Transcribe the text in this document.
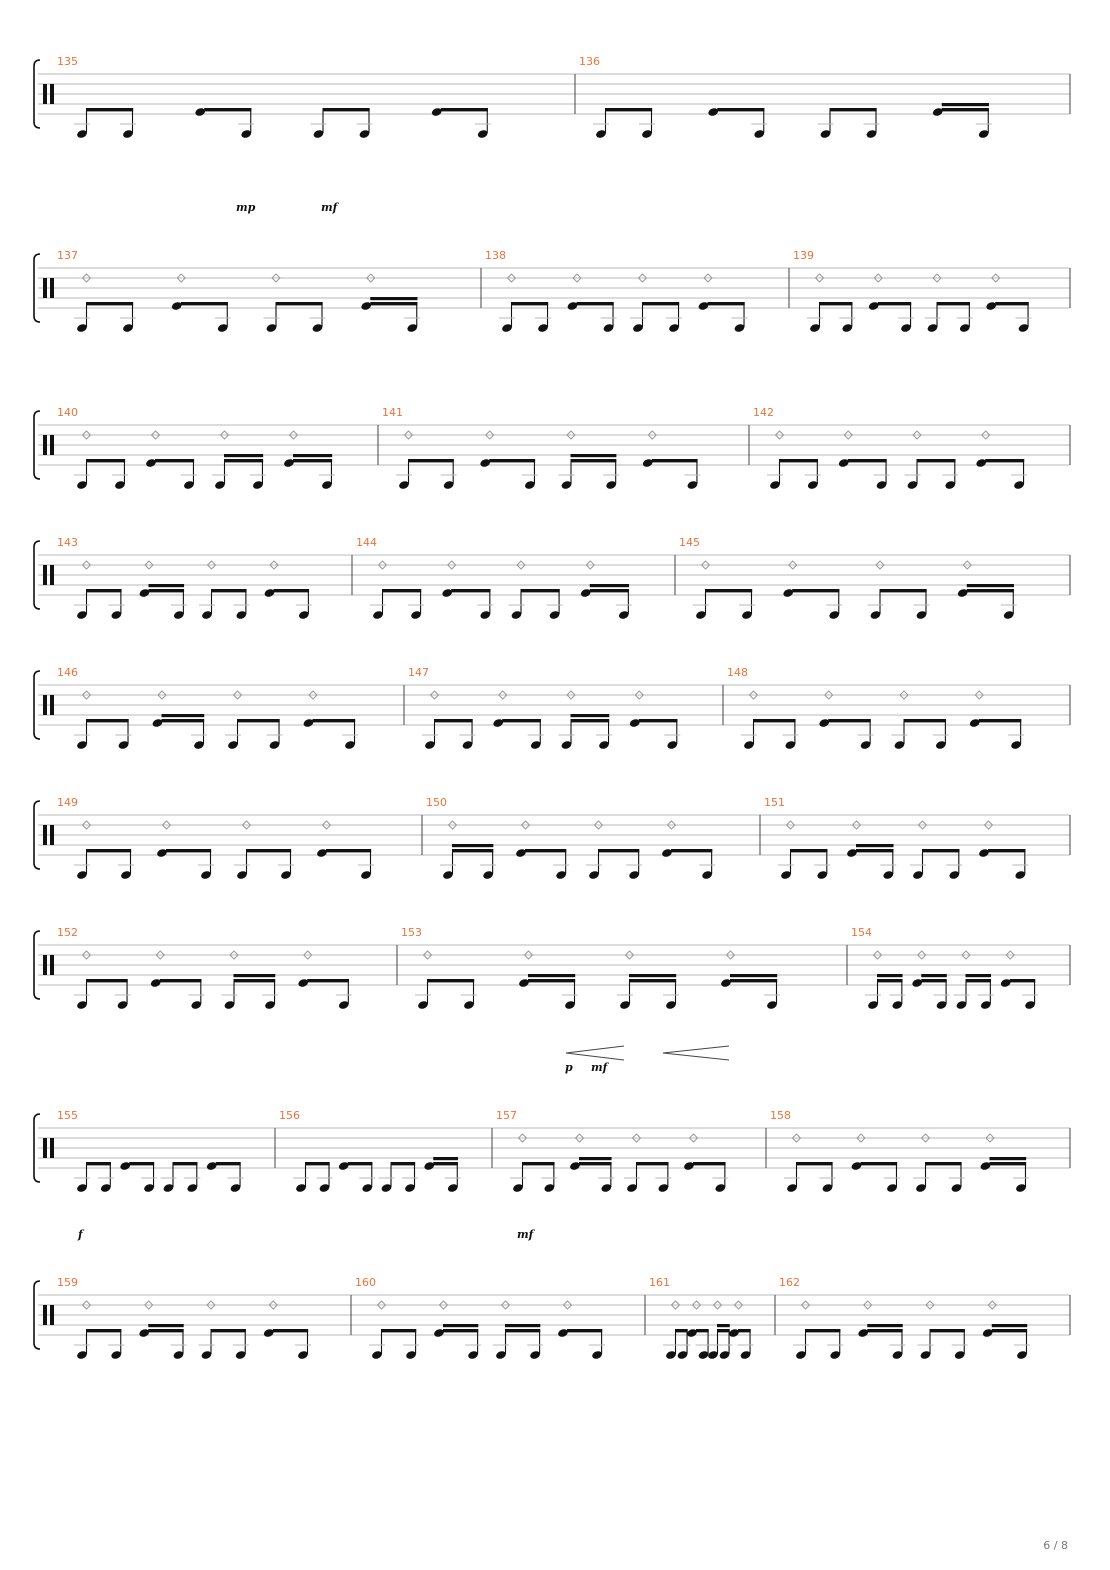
135	136
mp	mf
137	138	139
140	141	142
143	144	145
146	147	148
149	150	151
152	153	154
p mf
155	156	157	158
f	mf
159	160	161	162
6 / 8
